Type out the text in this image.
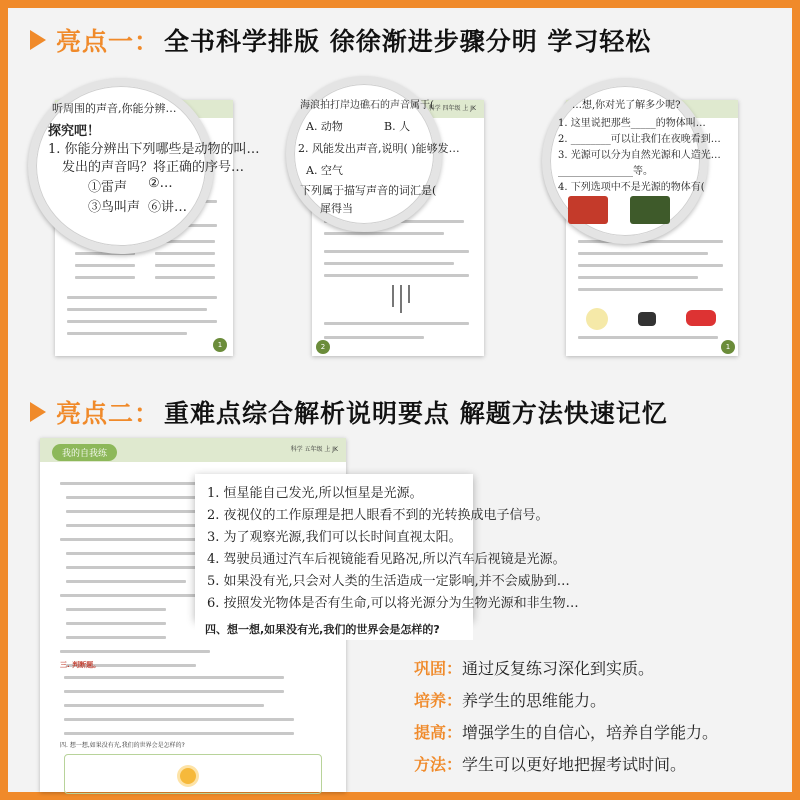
亮点一： 全书科学排版 徐徐渐进步骤分明 学习轻松
1
听周围的声音,你能分辨…
探究吧！
1. 你能分辨出下列哪些是动物的叫…
发出的声音吗？将正确的序号…
①雷声 ②…
③鸟叫声 ⑥讲…
科学 四年级 上 JK
2
海浪拍打岸边礁石的声音属于(
A. 动物	B. 人
2. 风能发出声音,说明( )能够发…
A. 空气
下列属于描写声音的词汇是(
犀得当
1
…想,你对光了解多少呢?
1. 这里说把那些_____的物体叫…
2. ________可以让我们在夜晚看到…
3. 光源可以分为自然光源和人造光…
_______________等。
4. 下列选项中不是光源的物体有(
亮点二： 重难点综合解析说明要点 解题方法快速记忆
科学 五年级 上 JK
我的自我练
三. 判断题。
四. 想一想,如果没有光,我们的世界会是怎样的?
1. 恒星能自己发光,所以恒星是光源。
2. 夜视仪的工作原理是把人眼看不到的光转换成电子信号。
3. 为了观察光源,我们可以长时间直视太阳。
4. 驾驶员通过汽车后视镜能看见路况,所以汽车后视镜是光源。
5. 如果没有光,只会对人类的生活造成一定影响,并不会威胁到…
6. 按照发光物体是否有生命,可以将光源分为生物光源和非生物…
四、想一想,如果没有光,我们的世界会是怎样的?
巩固：通过反复练习深化到实质。
培养：养学生的思维能力。
提高：增强学生的自信心，培养自学能力。
方法：学生可以更好地把握考试时间。
